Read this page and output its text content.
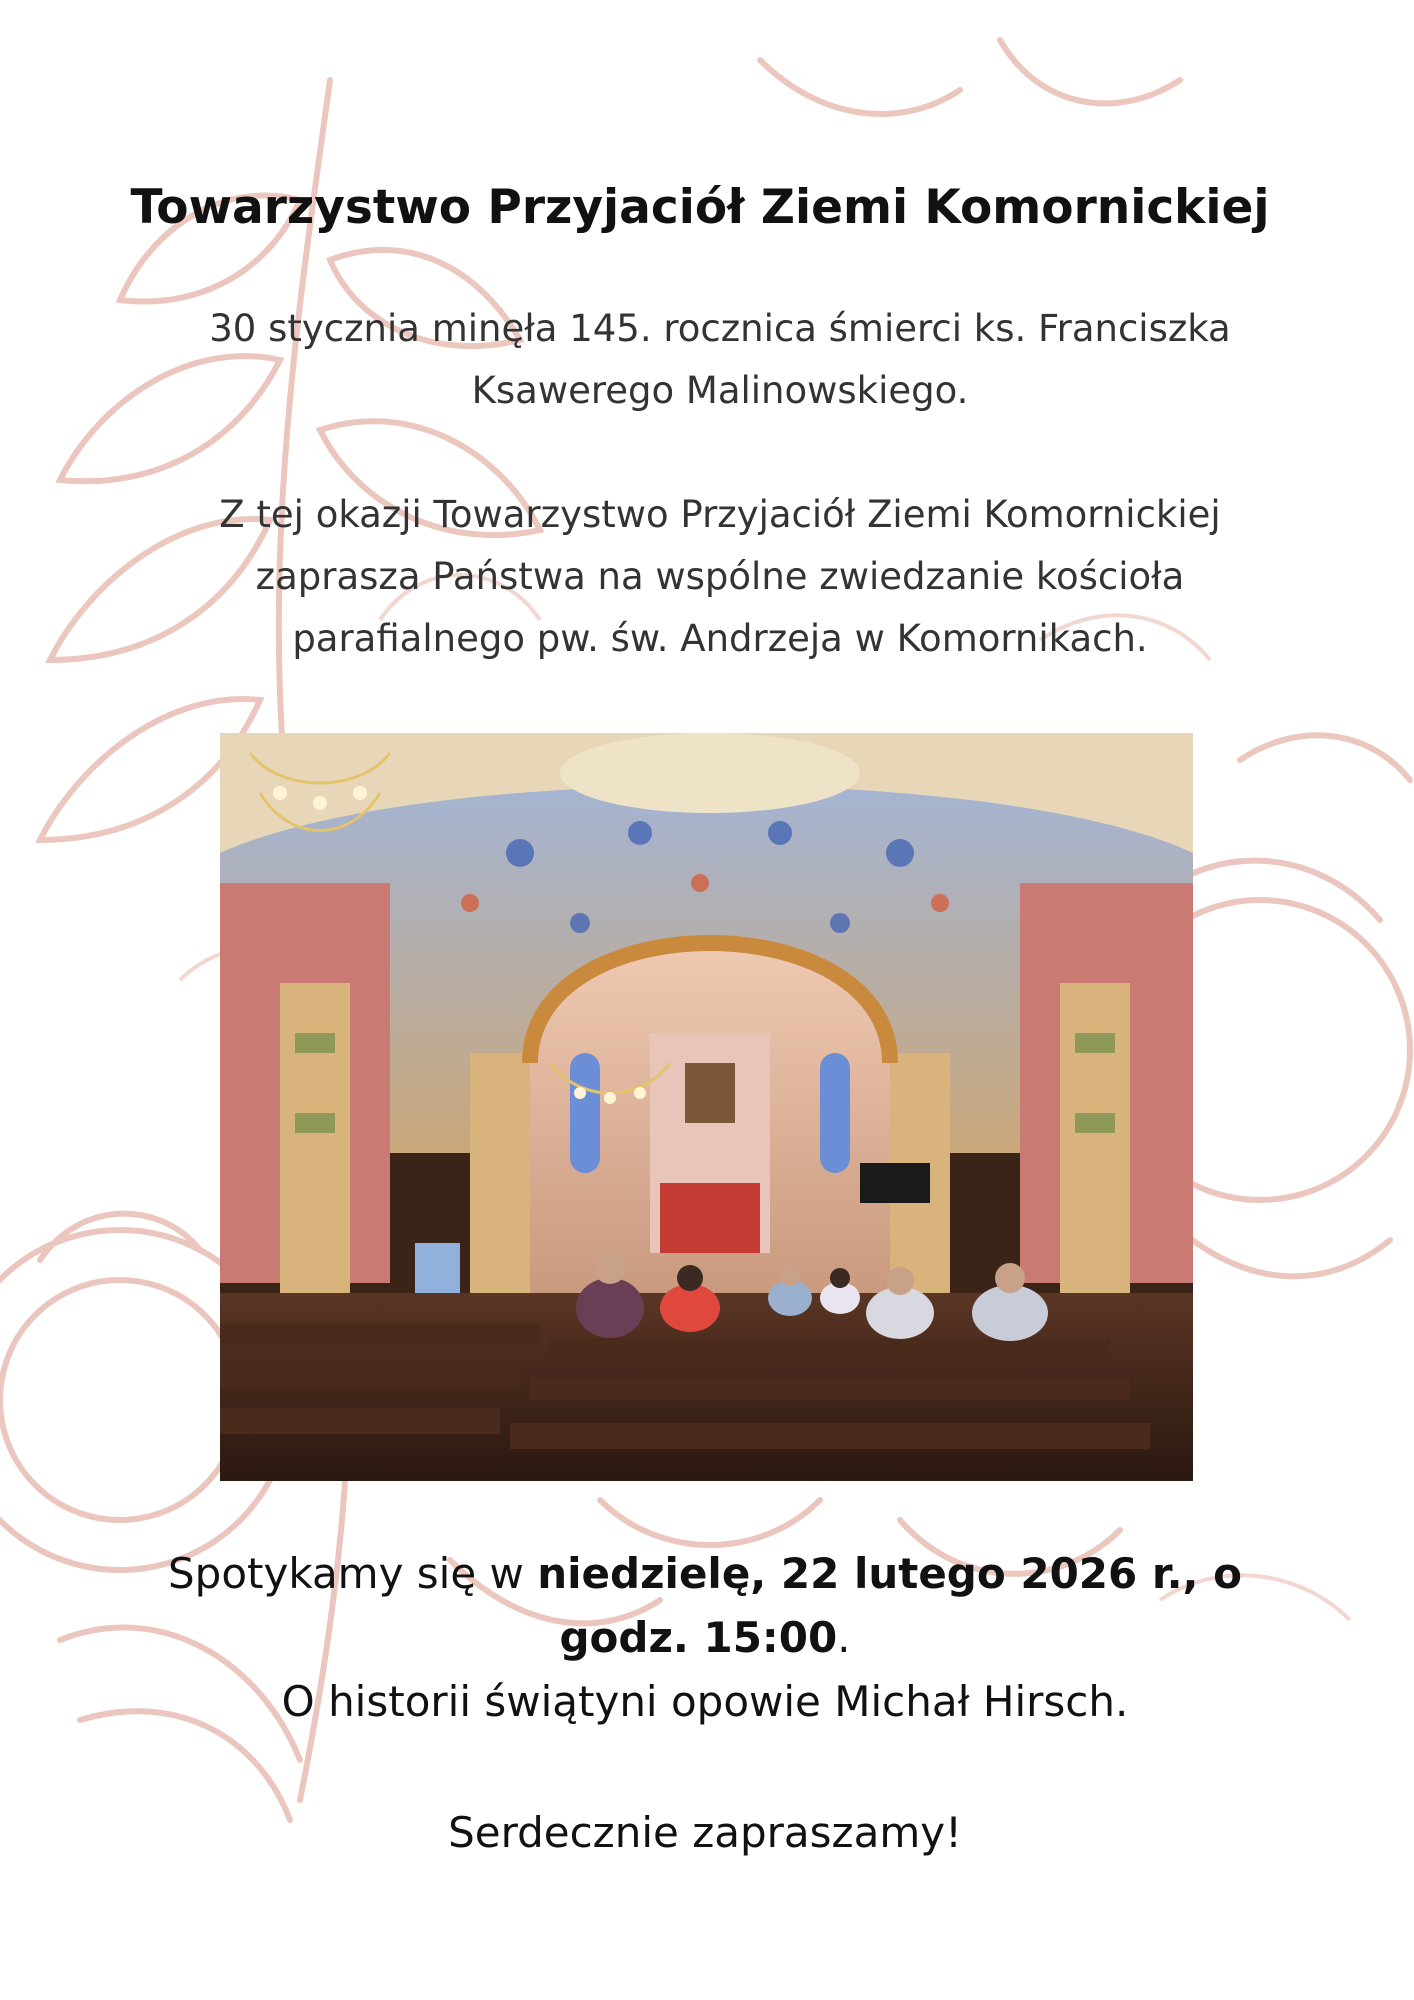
Towarzystwo Przyjaciół Ziemi Komornickiej

30 stycznia minęła 145. rocznica śmierci ks. Franciszka

Ksawerego Malinowskiego.

Z tej okazji Towarzystwo Przyjaciół Ziemi Komornickiej

zaprasza Państwa na wspólne zwiedzanie kościoła

parafialnego pw. św. Andrzeja w Komornikach.

Spotykamy się w niedzielę, 22 lutego 2026 r., o

godz. 15:00.

O historii świątyni opowie Michał Hirsch.

Serdecznie zapraszamy!
